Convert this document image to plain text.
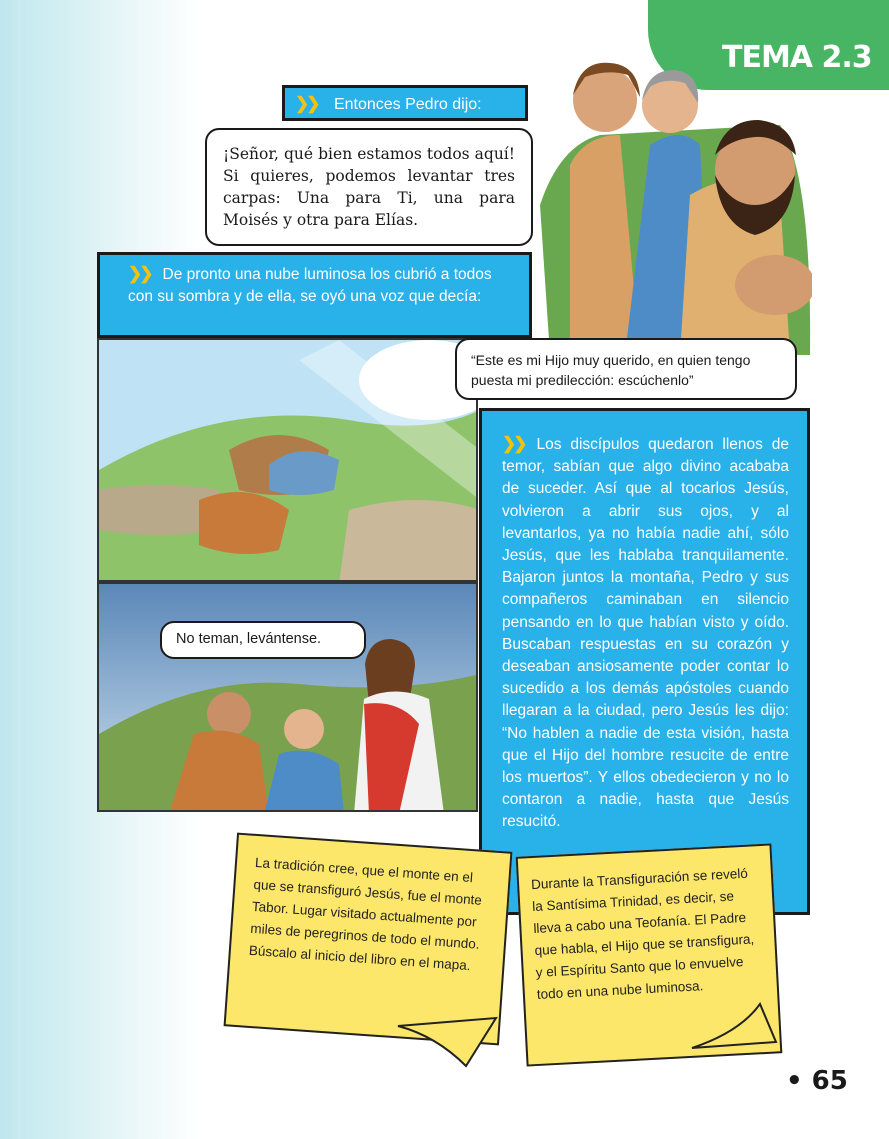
TEMA 2.3
❯❯ Entonces Pedro dijo:
¡Señor, qué bien estamos todos aquí! Si quieres, podemos levantar tres carpas: Una para Ti, una para Moisés y otra para Elías.
❯❯ De pronto una nube luminosa los cubrió a todos con su sombra y de ella, se oyó una voz que decía:
“Este es mi Hijo muy querido, en quien tengo puesta mi predilección: escúchenlo”
No teman, levántense.
❯❯ Los discípulos quedaron llenos de temor, sabían que algo divino acababa de suceder. Así que al tocarlos Jesús, volvieron a abrir sus ojos, y al levantarlos, ya no había nadie ahí, sólo Jesús, que les hablaba tranquilamente. Bajaron juntos la montaña, Pedro y sus compañeros caminaban en silencio pensando en lo que habían visto y oído. Buscaban respuestas en su corazón y deseaban ansiosamente poder contar lo sucedido a los demás apóstoles cuando llegaran a la ciudad, pero Jesús les dijo: “No hablen a nadie de esta visión, hasta que el Hijo del hombre resucite de entre los muertos”. Y ellos obedecieron y no lo contaron a nadie, hasta que Jesús resucitó.
La tradición cree, que el monte en el que se transfiguró Jesús, fue el monte Tabor. Lugar visitado actualmente por miles de peregrinos de todo el mundo. Búscalo al inicio del libro en el mapa.
Durante la Transfiguración se reveló la Santísima Trinidad, es decir, se lleva a cabo una Teofanía. El Padre que habla, el Hijo que se transfigura, y el Espíritu Santo que lo envuelve todo en una nube luminosa.
• 65
